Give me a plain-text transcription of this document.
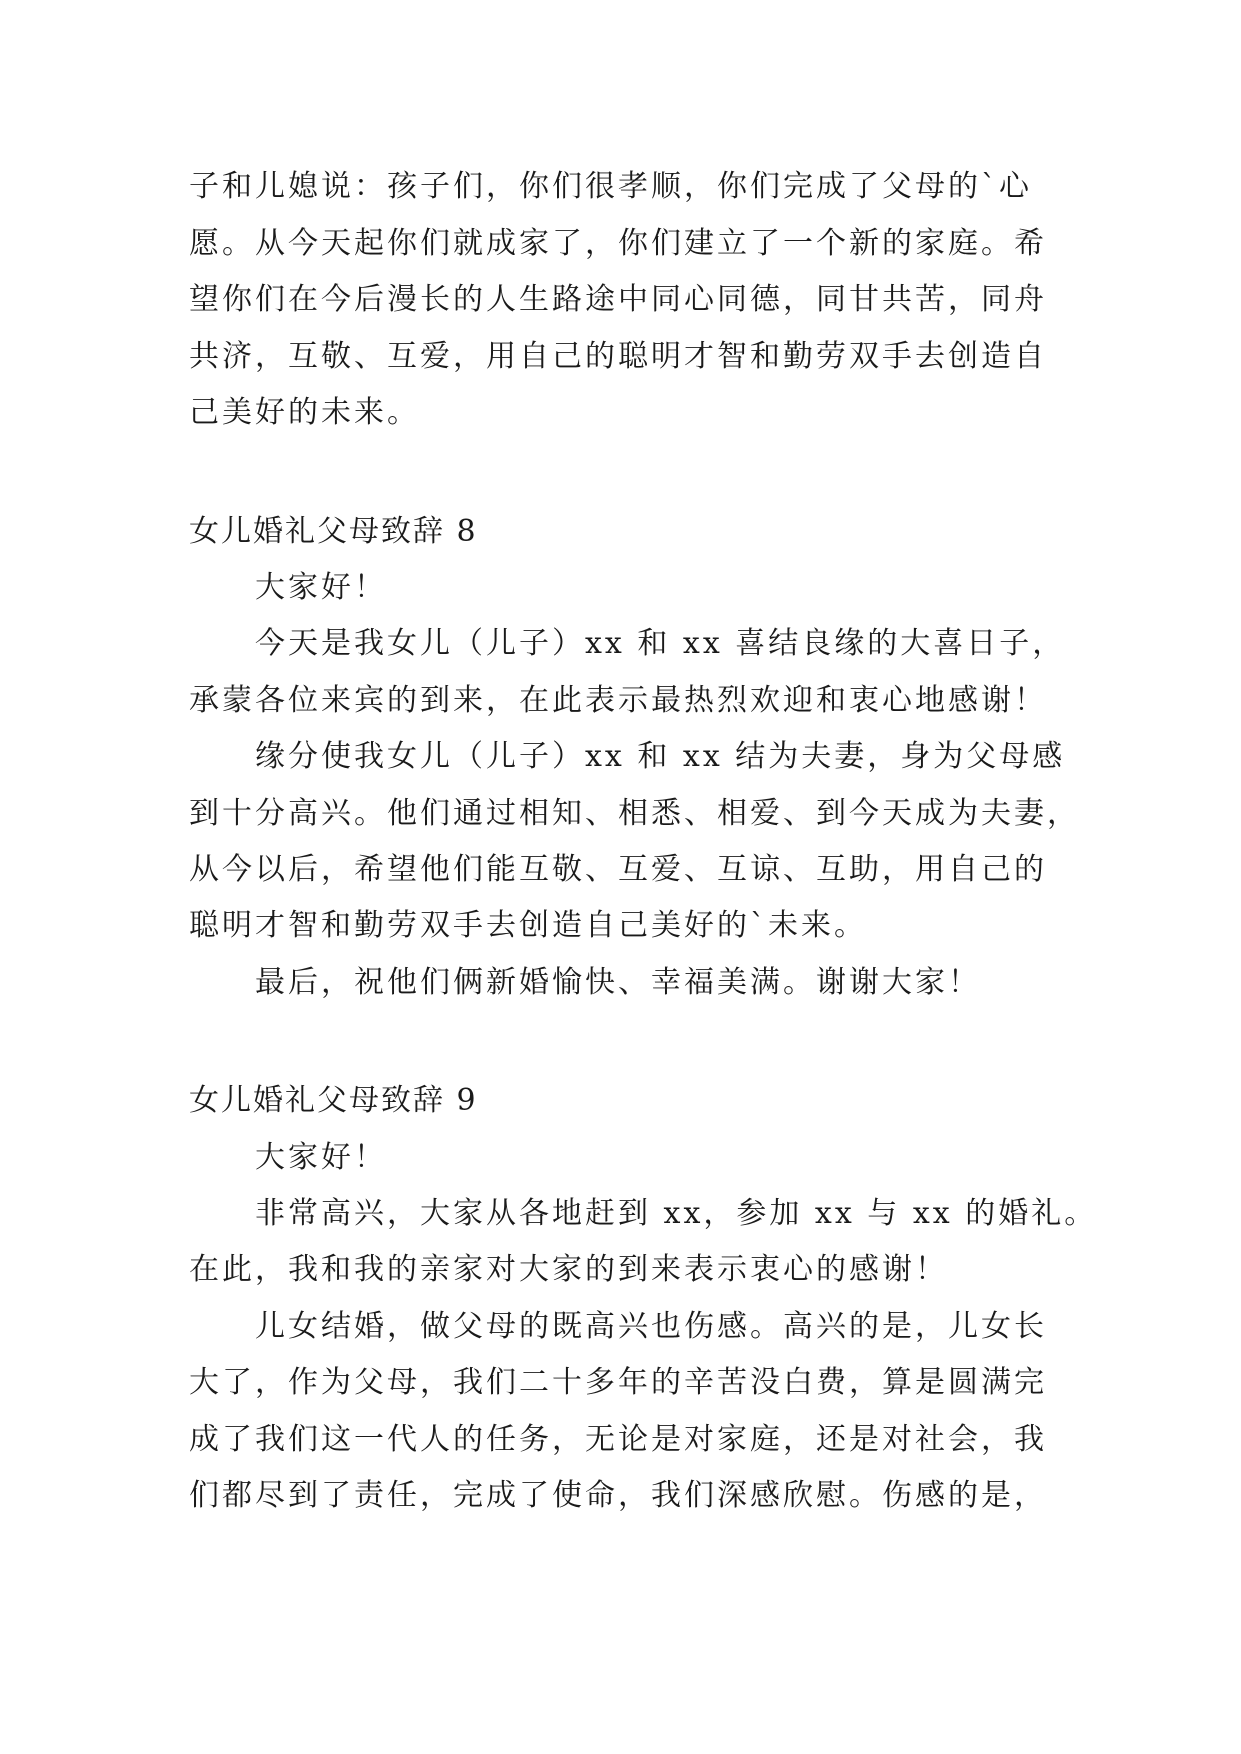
子和儿媳说：孩子们，你们很孝顺，你们完成了父母的`心
愿。从今天起你们就成家了，你们建立了一个新的家庭。希
望你们在今后漫长的人生路途中同心同德，同甘共苦，同舟
共济，互敬、互爱，用自己的聪明才智和勤劳双手去创造自
己美好的未来。
女儿婚礼父母致辞 8
大家好！
今天是我女儿（儿子）xx 和 xx 喜结良缘的大喜日子，
承蒙各位来宾的到来，在此表示最热烈欢迎和衷心地感谢！
缘分使我女儿（儿子）xx 和 xx 结为夫妻，身为父母感
到十分高兴。他们通过相知、相悉、相爱、到今天成为夫妻，
从今以后，希望他们能互敬、互爱、互谅、互助，用自己的
聪明才智和勤劳双手去创造自己美好的`未来。
最后，祝他们俩新婚愉快、幸福美满。谢谢大家！
女儿婚礼父母致辞 9
大家好！
非常高兴，大家从各地赶到 xx，参加 xx 与 xx 的婚礼。
在此，我和我的亲家对大家的到来表示衷心的感谢！
儿女结婚，做父母的既高兴也伤感。高兴的是，儿女长
大了，作为父母，我们二十多年的辛苦没白费，算是圆满完
成了我们这一代人的任务，无论是对家庭，还是对社会，我
们都尽到了责任，完成了使命，我们深感欣慰。伤感的是，
